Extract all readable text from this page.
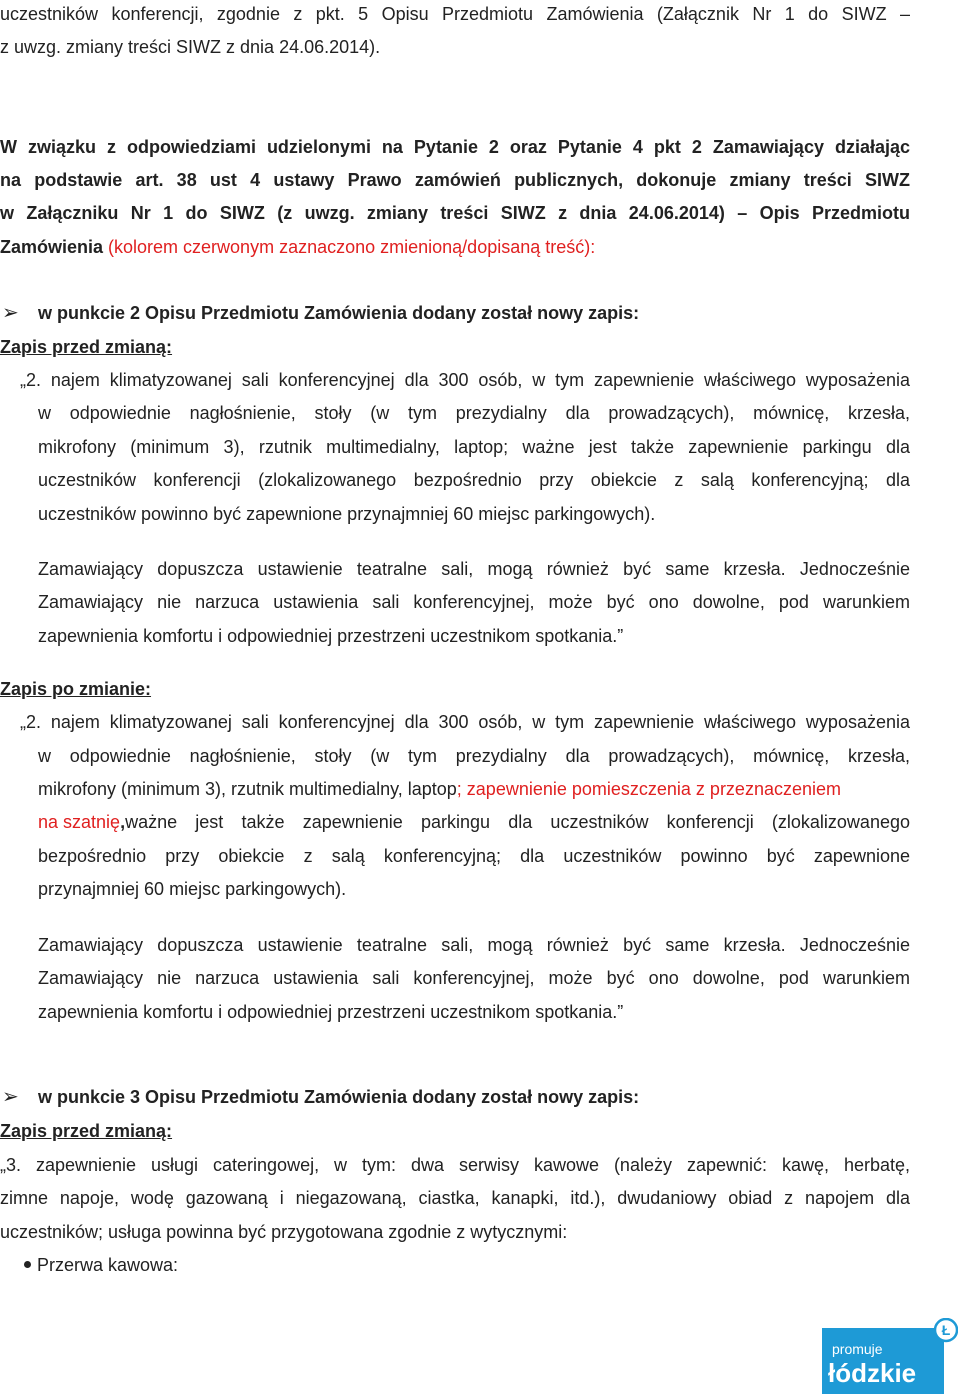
uczestników konferencji, zgodnie z pkt. 5 Opisu Przedmiotu Zamówienia (Załącznik Nr 1 do SIWZ –
z uwzg. zmiany treści SIWZ z dnia 24.06.2014).
W związku z odpowiedziami udzielonymi na Pytanie 2 oraz Pytanie 4 pkt 2 Zamawiający działając
na podstawie art. 38 ust 4 ustawy Prawo zamówień publicznych, dokonuje zmiany treści SIWZ
w Załączniku Nr 1 do SIWZ (z uwzg. zmiany treści SIWZ z dnia 24.06.2014) – Opis Przedmiotu
Zamówienia (kolorem czerwonym zaznaczono zmienioną/dopisaną treść):
➢ w punkcie 2 Opisu Przedmiotu Zamówienia dodany został nowy zapis:
Zapis przed zmianą:
„2. najem klimatyzowanej sali konferencyjnej dla 300 osób, w tym zapewnienie właściwego wyposażenia
w odpowiednie nagłośnienie, stoły (w tym prezydialny dla prowadzących), mównicę, krzesła,
mikrofony (minimum 3), rzutnik multimedialny, laptop; ważne jest także zapewnienie parkingu dla
uczestników konferencji (zlokalizowanego bezpośrednio przy obiekcie z salą konferencyjną; dla
uczestników powinno być zapewnione przynajmniej 60 miejsc parkingowych).
Zamawiający dopuszcza ustawienie teatralne sali, mogą również być same krzesła. Jednocześnie
Zamawiający nie narzuca ustawienia sali konferencyjnej, może być ono dowolne, pod warunkiem
zapewnienia komfortu i odpowiedniej przestrzeni uczestnikom spotkania.”
Zapis po zmianie:
„2. najem klimatyzowanej sali konferencyjnej dla 300 osób, w tym zapewnienie właściwego wyposażenia
w odpowiednie nagłośnienie, stoły (w tym prezydialny dla prowadzących), mównicę, krzesła,
mikrofony (minimum 3), rzutnik multimedialny, laptop; zapewnienie pomieszczenia z przeznaczeniem
na szatnię , ważne jest także zapewnienie parkingu dla uczestników konferencji (zlokalizowanego
bezpośrednio przy obiekcie z salą konferencyjną; dla uczestników powinno być zapewnione
przynajmniej 60 miejsc parkingowych).
Zamawiający dopuszcza ustawienie teatralne sali, mogą również być same krzesła. Jednocześnie
Zamawiający nie narzuca ustawienia sali konferencyjnej, może być ono dowolne, pod warunkiem
zapewnienia komfortu i odpowiedniej przestrzeni uczestnikom spotkania.”
➢ w punkcie 3 Opisu Przedmiotu Zamówienia dodany został nowy zapis:
Zapis przed zmianą:
„3. zapewnienie usługi cateringowej, w tym: dwa serwisy kawowe (należy zapewnić: kawę, herbatę,
zimne napoje, wodę gazowaną i niegazowaną, ciastka, kanapki, itd.), dwudaniowy obiad z napojem dla
uczestników; usługa powinna być przygotowana zgodnie z wytycznymi:
Przerwa kawowa:
Ł
promuje
łódzkie
